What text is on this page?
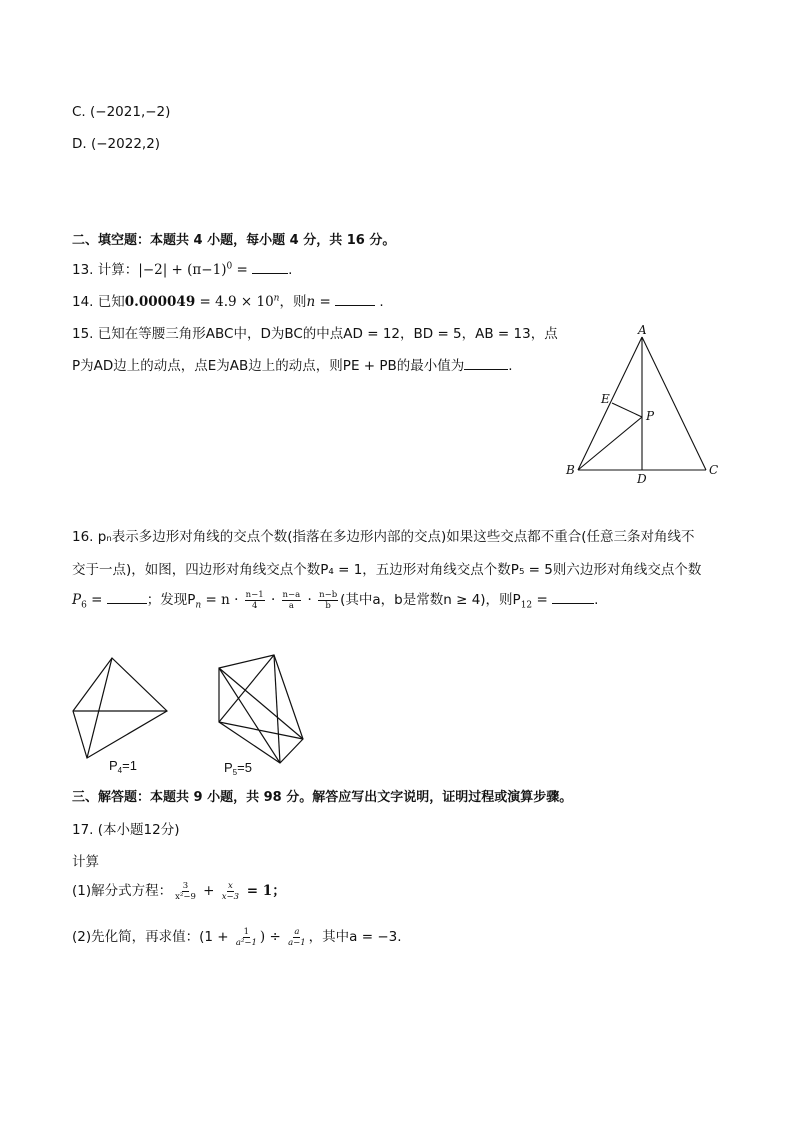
C. (−2021,−2)
D. (−2022,2)
二、填空题：本题共 4 小题，每小题 4 分，共 16 分。
13. 计算：$|-2| + (\pi-1)^0$ =	.
14. 已知$0.000049 = 4.9 \times 10^n$，则n =	.
15. 已知在等腰三角形ABC中，D为BC的中点AD = 12，BD = 5，AB = 13，点
P为AD边上的动点，点E为AB边上的动点，则PE + PB的最小值为	.
A
B	C
D
E
P
16. pₙ表示多边形对角线的交点个数(指落在多边形内部的交点)如果这些交点都不重合(任意三条对角线不
交于一点)，如图，四边形对角线交点个数P₄ = 1，五边形对角线交点个数P₅ = 5则六边形对角线交点个数
$P_6$ =	；发现$P_n = n \cdot \frac{n-1}{4} \cdot \frac{n-a}{a} \cdot \frac{n-b}{b}$ (其中a，b是常数n ≥ 4)，则$P_{12}$ =	.
$P_4=1$	$P_5=5$
三、解答题：本题共 9 小题，共 98 分。解答应写出文字说明，证明过程或演算步骤。
17. (本小题12分)
计算
(1)解分式方程： $\frac{3}{\text{x²−9}} + \frac{x}{x-3} = 1$；
(2)先化简，再求值：($1 + \frac{1}{\text{a²−1}}$ ) ÷ $\frac{a}{a-1}$ ，其中a = −3.
